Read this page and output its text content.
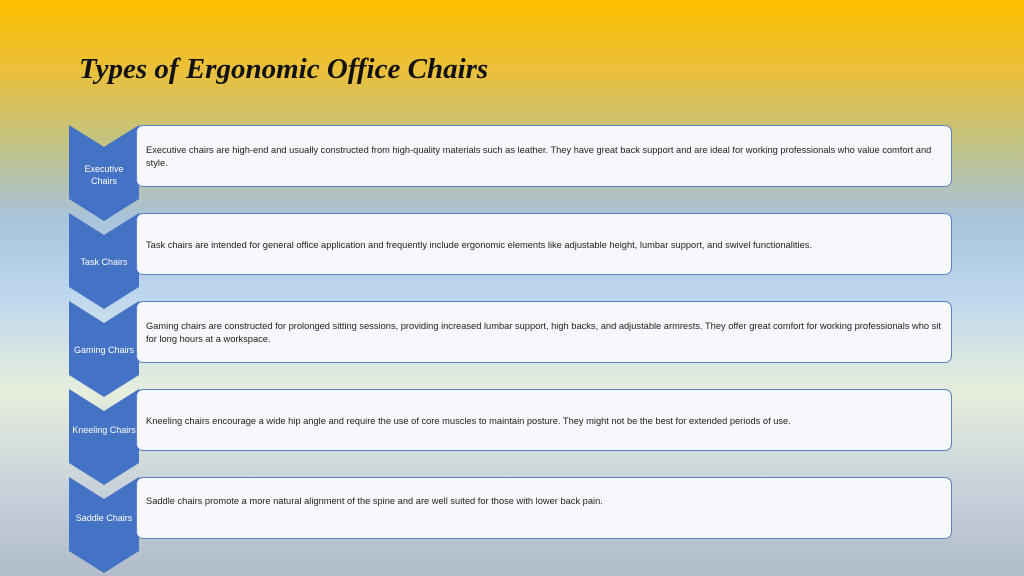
Types of Ergonomic Office Chairs
Executive
Chairs

Executive chairs are high-end and usually constructed from high-quality materials such as leather. They have great back support and are ideal for working professionals who value comfort and style.

Task Chairs

Task chairs are intended for general office application and frequently include ergonomic elements like adjustable height, lumbar support, and swivel functionalities.

Gaming Chairs

Gaming chairs are constructed for prolonged sitting sessions, providing increased lumbar support, high backs, and adjustable armrests. They offer great comfort for working professionals who sit for long hours at a workspace.

Kneeling Chairs

Kneeling chairs encourage a wide hip angle and require the use of core muscles to maintain posture. They might not be the best for extended periods of use.

Saddle Chairs

Saddle chairs promote a more natural alignment of the spine and are well suited for those with lower back pain.
